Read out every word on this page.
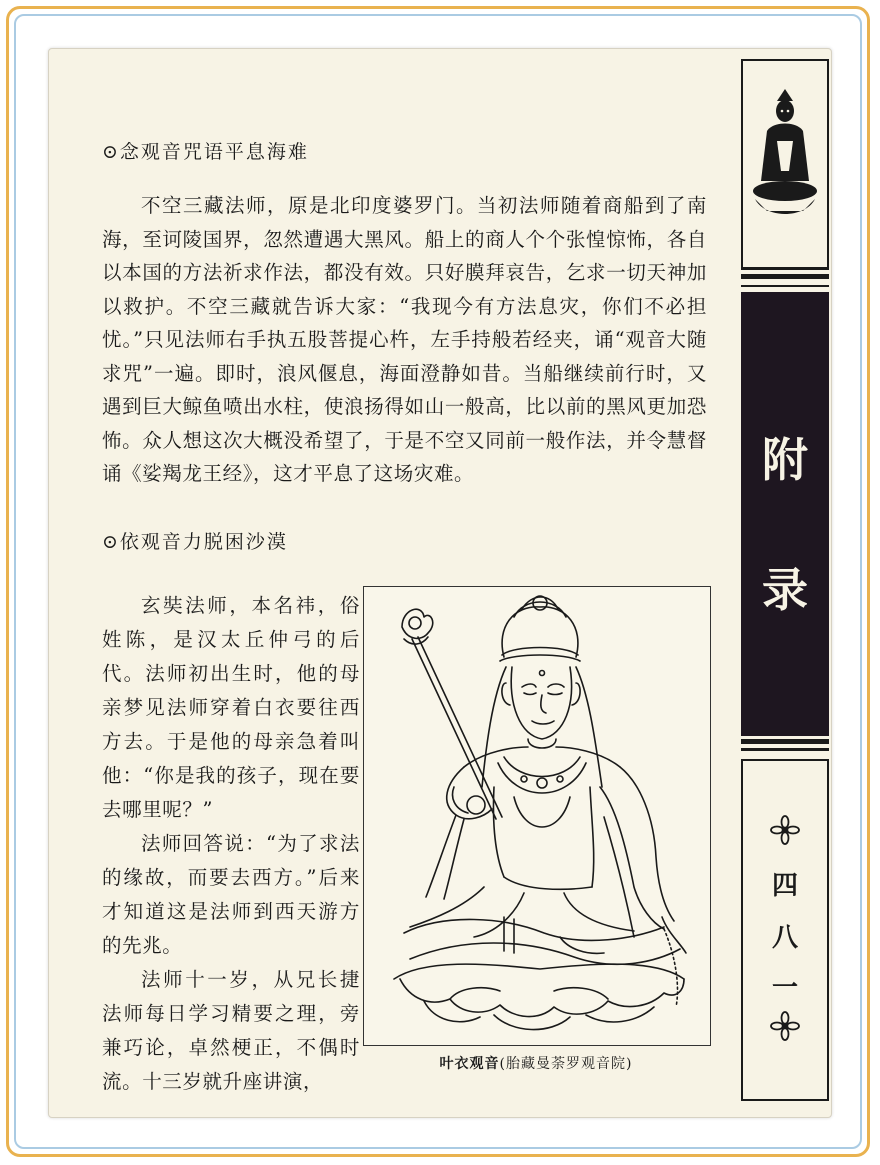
⊙念观音咒语平息海难

不空三藏法师，原是北印度婆罗门。当初法师随着商船到了南海，至诃陵国界，忽然遭遇大黑风。船上的商人个个张惶惊怖，各自以本国的方法祈求作法，都没有效。只好膜拜哀告，乞求一切天神加以救护。不空三藏就告诉大家：“我现今有方法息灾，你们不必担忧。”只见法师右手执五股菩提心杵，左手持般若经夹，诵“观音大随求咒”一遍。即时，浪风偃息，海面澄静如昔。当船继续前行时，又遇到巨大鲸鱼喷出水柱，使浪扬得如山一般高，比以前的黑风更加恐怖。众人想这次大概没希望了，于是不空又同前一般作法，并令慧督诵《娑羯龙王经》，这才平息了这场灾难。

⊙依观音力脱困沙漠

玄奘法师，本名祎，俗姓陈，是汉太丘仲弓的后代。法师初出生时，他的母亲梦见法师穿着白衣要往西方去。于是他的母亲急着叫他：“你是我的孩子，现在要去哪里呢？”

法师回答说：“为了求法的缘故，而要去西方。”后来才知道这是法师到西天游方的先兆。

法师十一岁，从兄长捷法师每日学习精要之理，旁兼巧论，卓然梗正，不偶时流。十三岁就升座讲演，

叶衣观音(胎藏曼荼罗观音院)
附
录
四
八
一
